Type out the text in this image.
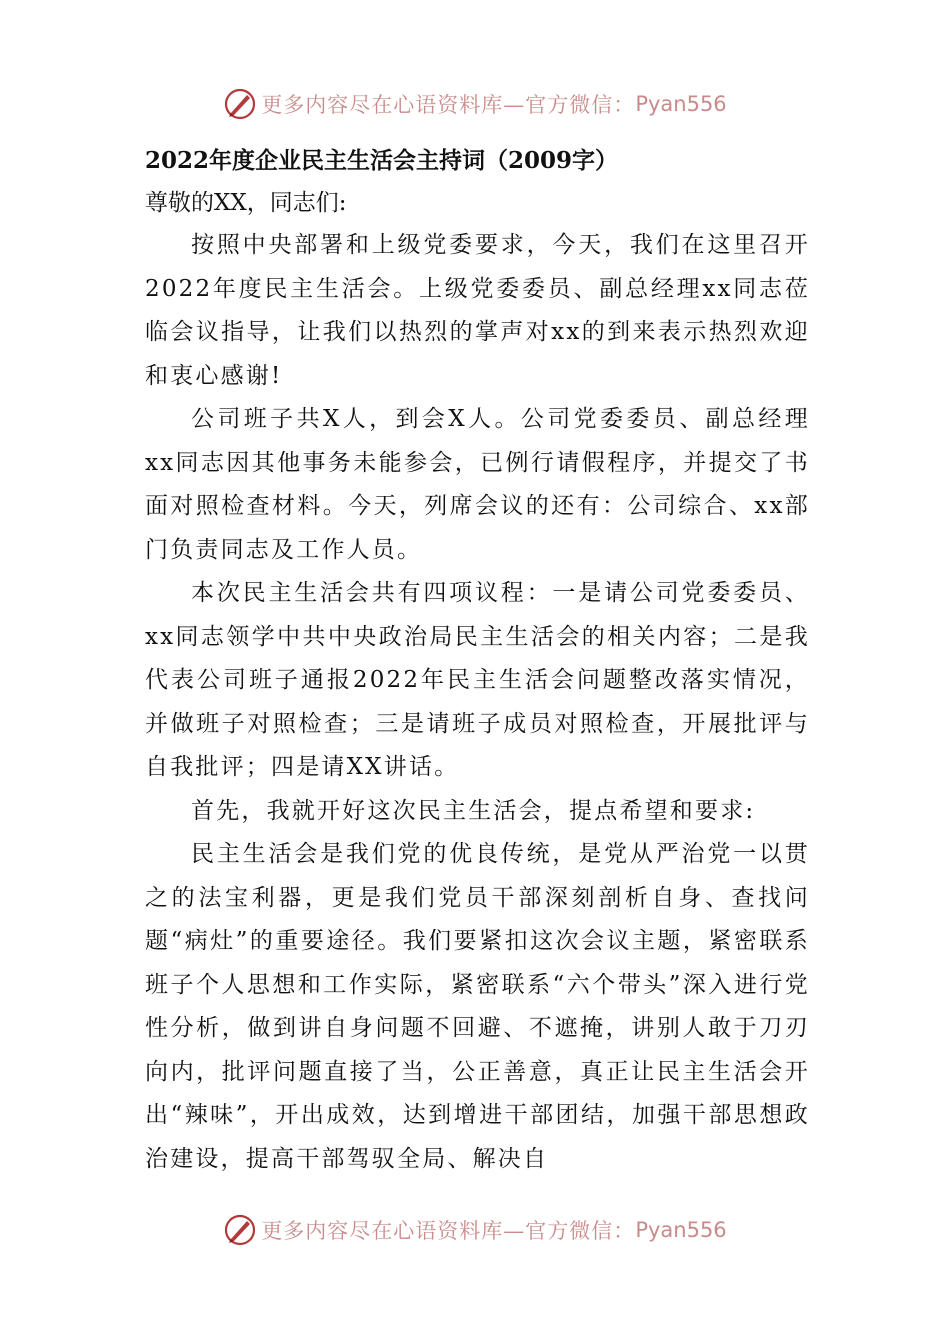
更多内容尽在心语资料库—官方微信： Pyan556

2022年度企业民主生活会主持词（2009字）

尊敬的XX，同志们:

按照中央部署和上级党委要求，今天，我们在这里召开2022年度民主生活会。上级党委委员、副总经理xx同志莅临会议指导，让我们以热烈的掌声对xx的到来表示热烈欢迎和衷心感谢!

公司班子共X人，到会X人。公司党委委员、副总经理xx同志因其他事务未能参会，已例行请假程序，并提交了书面对照检查材料。今天，列席会议的还有：公司综合、xx部门负责同志及工作人员。

本次民主生活会共有四项议程：一是请公司党委委员、xx同志领学中共中央政治局民主生活会的相关内容；二是我代表公司班子通报2022年民主生活会问题整改落实情况，并做班子对照检查；三是请班子成员对照检查，开展批评与自我批评；四是请XX讲话。

首先，我就开好这次民主生活会，提点希望和要求:

民主生活会是我们党的优良传统，是党从严治党一以贯之的法宝利器，更是我们党员干部深刻剖析自身、查找问题“病灶”的重要途径。我们要紧扣这次会议主题，紧密联系班子个人思想和工作实际，紧密联系“六个带头”深入进行党性分析，做到讲自身问题不回避、不遮掩，讲别人敢于刀刃向内，批评问题直接了当，公正善意，真正让民主生活会开出“辣味”，开出成效，达到增进干部团结，加强干部思想政治建设，提高干部驾驭全局、解决自

更多内容尽在心语资料库—官方微信： Pyan556
